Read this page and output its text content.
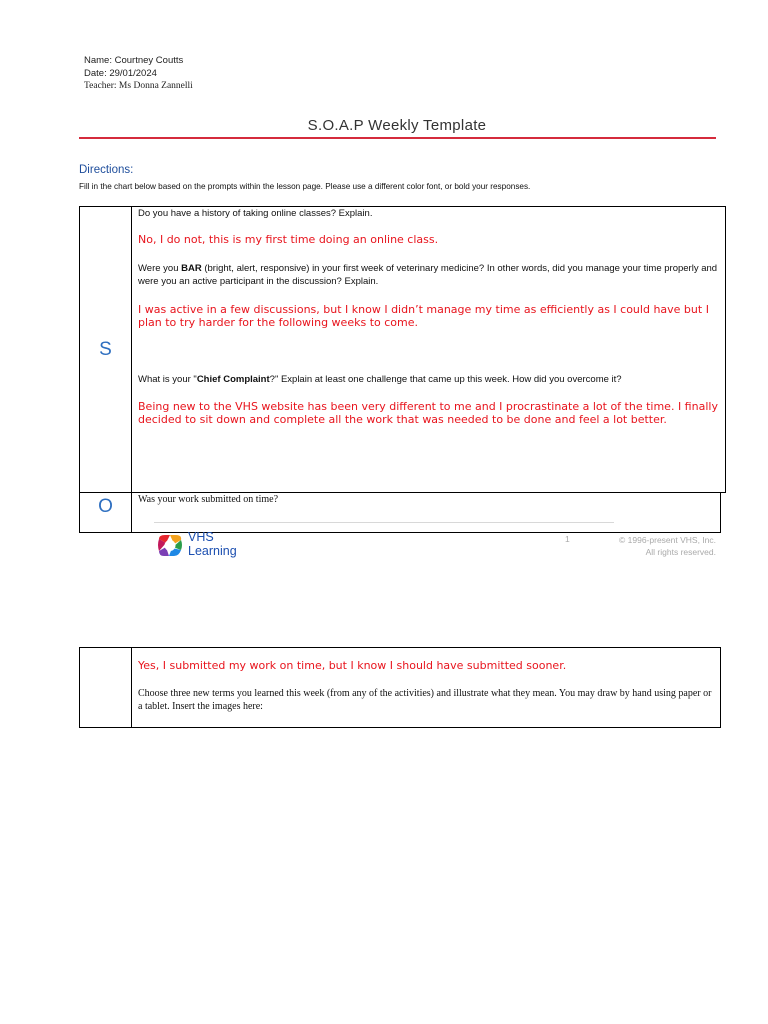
Name: Courtney Coutts
Date: 29/01/2024
Teacher: Ms Donna Zannelli
S.O.A.P Weekly Template
Directions:
Fill in the chart below based on the prompts within the lesson page. Please use a different color font, or bold your responses.
S
Do you have a history of taking online classes? Explain.
No, I do not, this is my first time doing an online class.
Were you BAR (bright, alert, responsive) in your first week of veterinary medicine? In other words, did you manage your time properly and were you an active participant in the discussion? Explain.
I was active in a few discussions, but I know I didn’t manage my time as efficiently as I could have but I plan to try harder for the following weeks to come.
What is your "Chief Complaint?" Explain at least one challenge that came up this week. How did you overcome it?
Being new to the VHS website has been very different to me and I procrastinate a lot of the time. I finally decided to sit down and complete all the work that was needed to be done and feel a lot better.
O	Was your work submitted on time?
VHS
Learning
1	© 1996-present VHS, Inc.
All rights reserved.
Yes, I submitted my work on time, but I know I should have submitted sooner.
Choose three new terms you learned this week (from any of the activities) and illustrate what they mean. You may draw by hand using paper or a tablet. Insert the images here:
